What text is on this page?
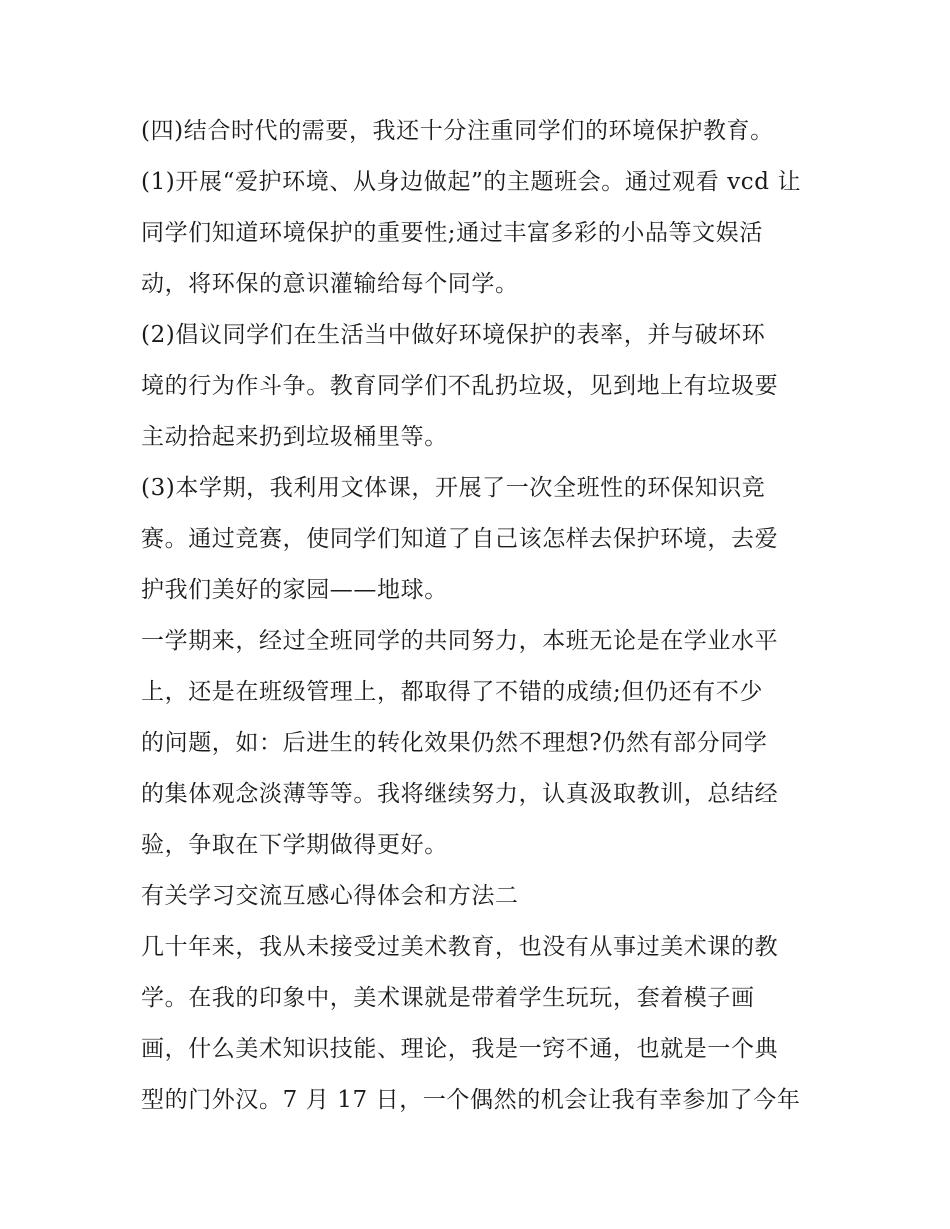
(四)结合时代的需要，我还十分注重同学们的环境保护教育。
(1)开展“爱护环境、从身边做起”的主题班会。通过观看 vcd 让
同学们知道环境保护的重要性;通过丰富多彩的小品等文娱活
动，将环保的意识灌输给每个同学。
(2)倡议同学们在生活当中做好环境保护的表率，并与破坏环
境的行为作斗争。教育同学们不乱扔垃圾，见到地上有垃圾要
主动拾起来扔到垃圾桶里等。
(3)本学期，我利用文体课，开展了一次全班性的环保知识竞
赛。通过竞赛，使同学们知道了自己该怎样去保护环境，去爱
护我们美好的家园——地球。
一学期来，经过全班同学的共同努力，本班无论是在学业水平
上，还是在班级管理上，都取得了不错的成绩;但仍还有不少
的问题，如：后进生的转化效果仍然不理想?仍然有部分同学
的集体观念淡薄等等。我将继续努力，认真汲取教训，总结经
验，争取在下学期做得更好。
有关学习交流互感心得体会和方法二
几十年来，我从未接受过美术教育，也没有从事过美术课的教
学。在我的印象中，美术课就是带着学生玩玩，套着模子画
画，什么美术知识技能、理论，我是一窍不通，也就是一个典
型的门外汉。7 月 17 日，一个偶然的机会让我有幸参加了今年
